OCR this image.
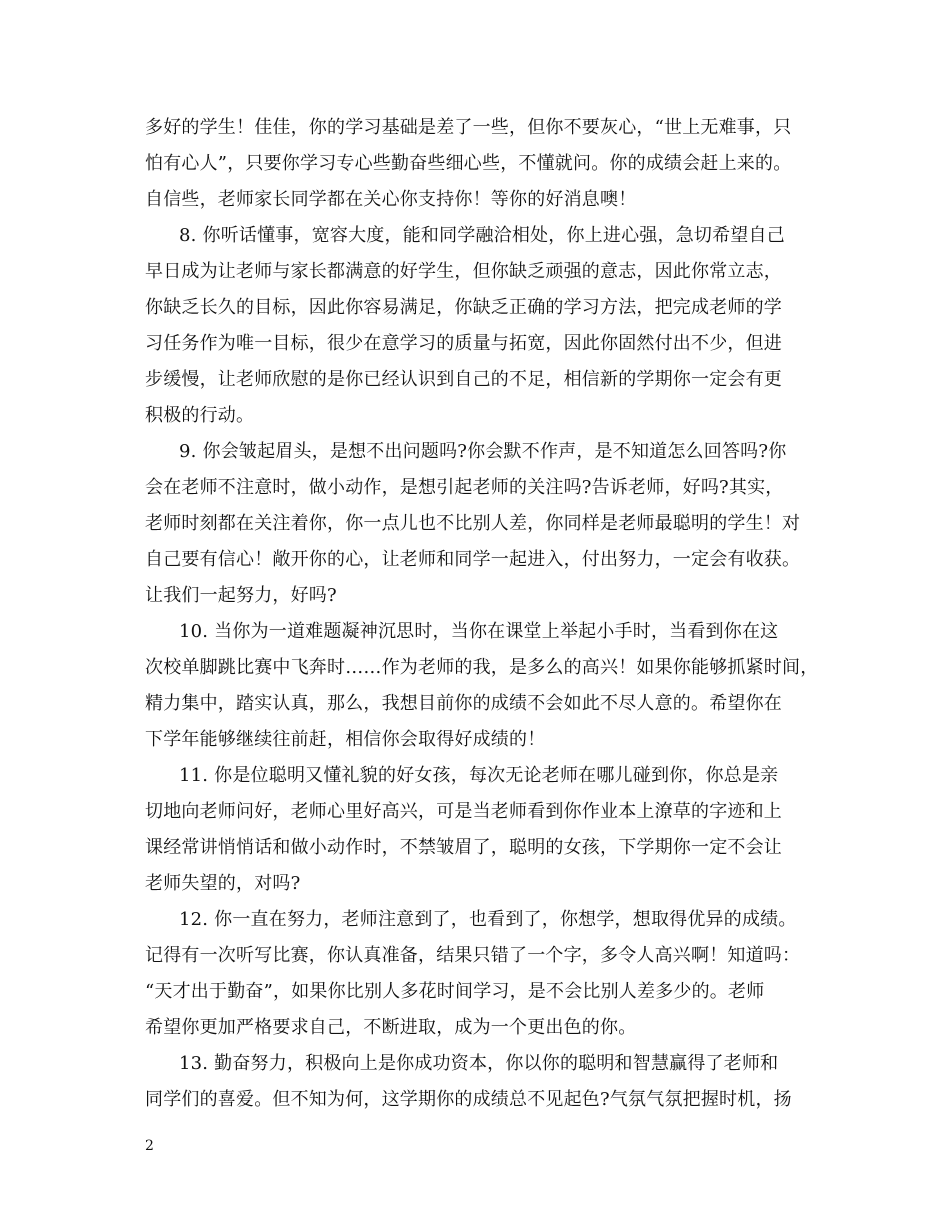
多好的学生！佳佳，你的学习基础是差了一些，但你不要灰心，“世上无难事，只
怕有心人”，只要你学习专心些勤奋些细心些，不懂就问。你的成绩会赶上来的。
自信些，老师家长同学都在关心你支持你！等你的好消息噢！

8. 你听话懂事，宽容大度，能和同学融洽相处，你上进心强，急切希望自己
早日成为让老师与家长都满意的好学生，但你缺乏顽强的意志，因此你常立志，
你缺乏长久的目标，因此你容易满足，你缺乏正确的学习方法，把完成老师的学
习任务作为唯一目标，很少在意学习的质量与拓宽，因此你固然付出不少，但进
步缓慢，让老师欣慰的是你已经认识到自己的不足，相信新的学期你一定会有更
积极的行动。

9. 你会皱起眉头，是想不出问题吗?你会默不作声，是不知道怎么回答吗?你
会在老师不注意时，做小动作，是想引起老师的关注吗?告诉老师，好吗?其实，
老师时刻都在关注着你，你一点儿也不比别人差，你同样是老师最聪明的学生！对
自己要有信心！敞开你的心，让老师和同学一起进入，付出努力，一定会有收获。
让我们一起努力，好吗?

10. 当你为一道难题凝神沉思时，当你在课堂上举起小手时，当看到你在这
次校单脚跳比赛中飞奔时……作为老师的我，是多么的高兴！如果你能够抓紧时间，
精力集中，踏实认真，那么，我想目前你的成绩不会如此不尽人意的。希望你在
下学年能够继续往前赶，相信你会取得好成绩的！

11. 你是位聪明又懂礼貌的好女孩，每次无论老师在哪儿碰到你，你总是亲
切地向老师问好，老师心里好高兴，可是当老师看到你作业本上潦草的字迹和上
课经常讲悄悄话和做小动作时，不禁皱眉了，聪明的女孩，下学期你一定不会让
老师失望的，对吗?

12. 你一直在努力，老师注意到了，也看到了，你想学，想取得优异的成绩。
记得有一次听写比赛，你认真准备，结果只错了一个字，多令人高兴啊！知道吗：
“天才出于勤奋”，如果你比别人多花时间学习，是不会比别人差多少的。老师
希望你更加严格要求自己，不断进取，成为一个更出色的你。

13. 勤奋努力，积极向上是你成功资本，你以你的聪明和智慧赢得了老师和
同学们的喜爱。但不知为何，这学期你的成绩总不见起色?气氛气氛把握时机，扬

2
